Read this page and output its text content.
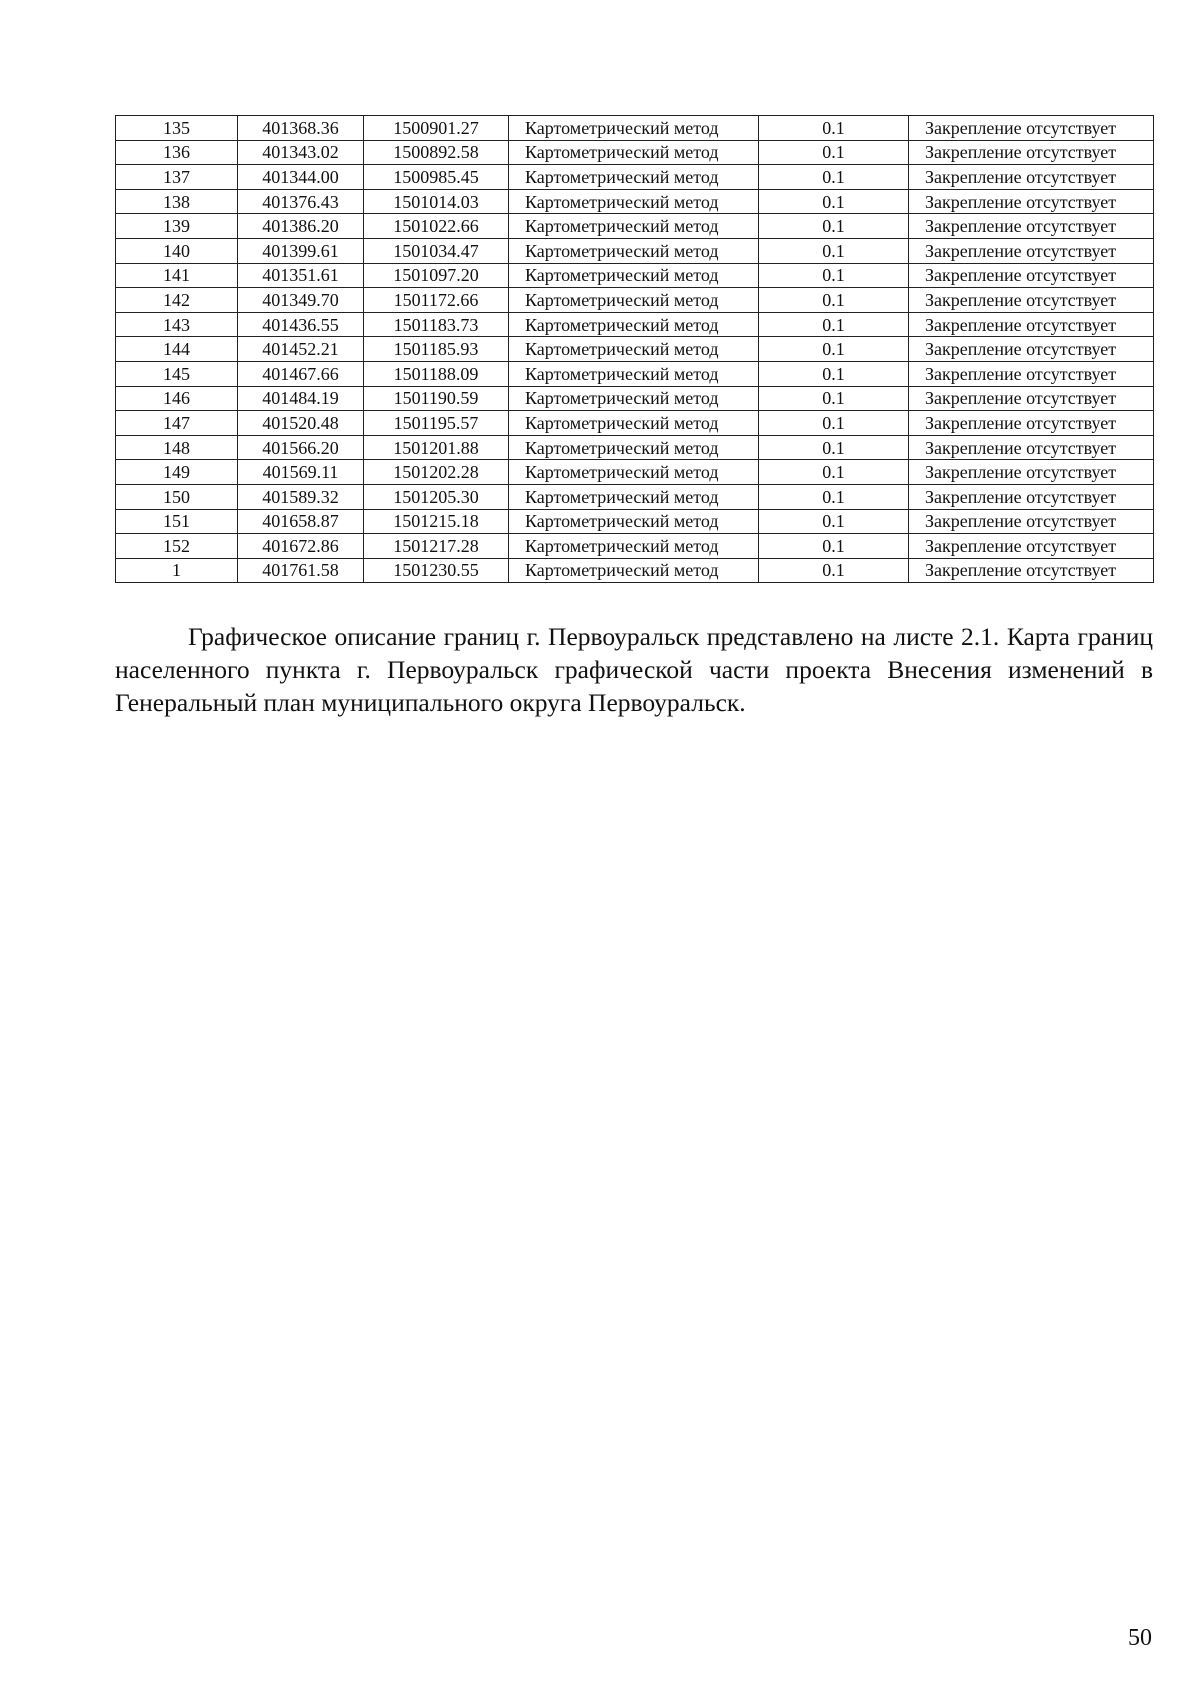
135	401368.36	1500901.27	Картометрический метод	0.1	Закрепление отсутствует
136	401343.02	1500892.58	Картометрический метод	0.1	Закрепление отсутствует
137	401344.00	1500985.45	Картометрический метод	0.1	Закрепление отсутствует
138	401376.43	1501014.03	Картометрический метод	0.1	Закрепление отсутствует
139	401386.20	1501022.66	Картометрический метод	0.1	Закрепление отсутствует
140	401399.61	1501034.47	Картометрический метод	0.1	Закрепление отсутствует
141	401351.61	1501097.20	Картометрический метод	0.1	Закрепление отсутствует
142	401349.70	1501172.66	Картометрический метод	0.1	Закрепление отсутствует
143	401436.55	1501183.73	Картометрический метод	0.1	Закрепление отсутствует
144	401452.21	1501185.93	Картометрический метод	0.1	Закрепление отсутствует
145	401467.66	1501188.09	Картометрический метод	0.1	Закрепление отсутствует
146	401484.19	1501190.59	Картометрический метод	0.1	Закрепление отсутствует
147	401520.48	1501195.57	Картометрический метод	0.1	Закрепление отсутствует
148	401566.20	1501201.88	Картометрический метод	0.1	Закрепление отсутствует
149	401569.11	1501202.28	Картометрический метод	0.1	Закрепление отсутствует
150	401589.32	1501205.30	Картометрический метод	0.1	Закрепление отсутствует
151	401658.87	1501215.18	Картометрический метод	0.1	Закрепление отсутствует
152	401672.86	1501217.28	Картометрический метод	0.1	Закрепление отсутствует
1	401761.58	1501230.55	Картометрический метод	0.1	Закрепление отсутствует

Графическое описание границ г. Первоуральск представлено на листе 2.1. Карта границ населенного пункта г. Первоуральск графической части проекта Внесения изменений в Генеральный план муниципального округа Первоуральск.

50
